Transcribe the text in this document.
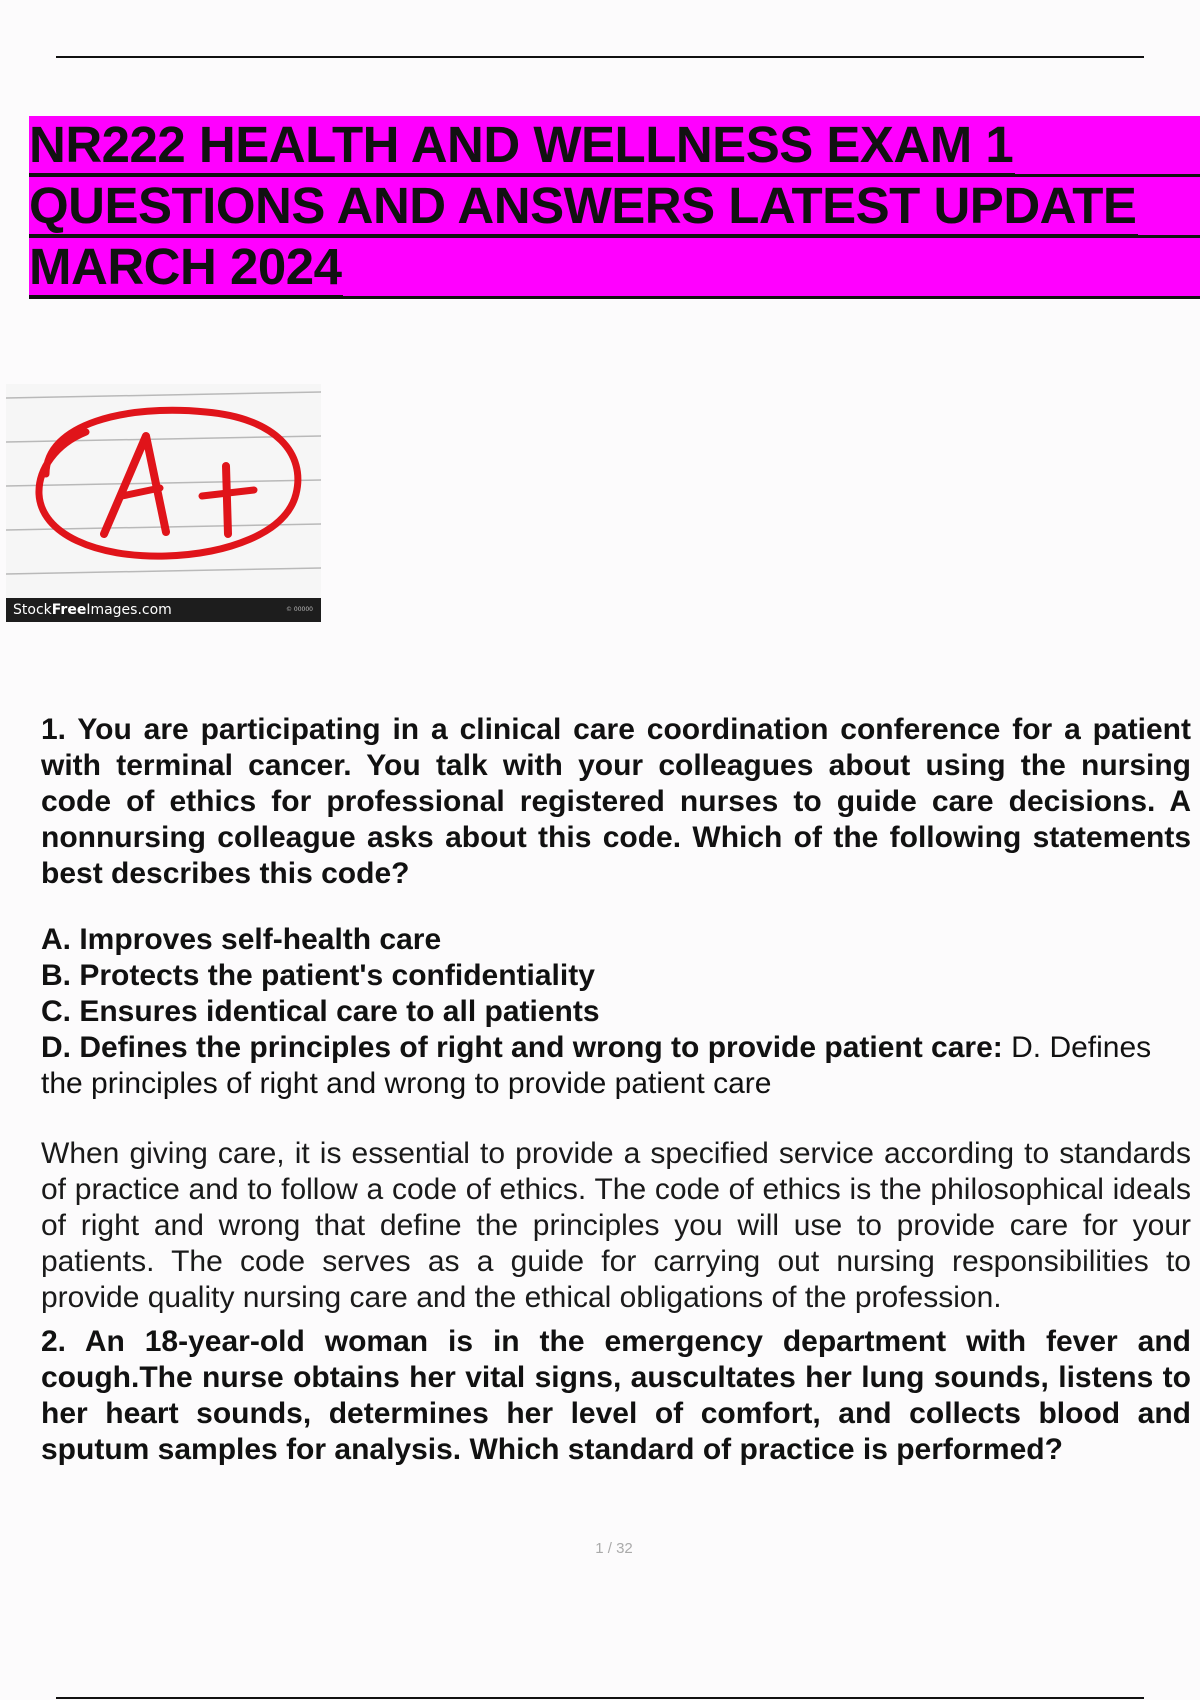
NR222 HEALTH AND WELLNESS EXAM 1
QUESTIONS AND ANSWERS LATEST UPDATE
MARCH 2024
StockFreeImages.com	© 00000

1. You are participating in a clinical care coordination conference for a patient with terminal cancer. You talk with your colleagues about using the nursing code of ethics for professional registered nurses to guide care decisions. A nonnursing colleague asks about this code. Which of the following statements best describes this code?

A. Improves self-health care

B. Protects the patient's confidentiality

C. Ensures identical care to all patients

D. Defines the principles of right and wrong to provide patient care: D. Defines the principles of right and wrong to provide patient care

When giving care, it is essential to provide a specified service according to standards of practice and to follow a code of ethics. The code of ethics is the philosophical ideals of right and wrong that define the principles you will use to provide care for your patients. The code serves as a guide for carrying out nursing responsibilities to provide quality nursing care and the ethical obligations of the profession.

2. An 18-year-old woman is in the emergency department with fever and cough.The nurse obtains her vital signs, auscultates her lung sounds, listens to her heart sounds, determines her level of comfort, and collects blood and sputum samples for analysis. Which standard of practice is performed?

1 / 32
